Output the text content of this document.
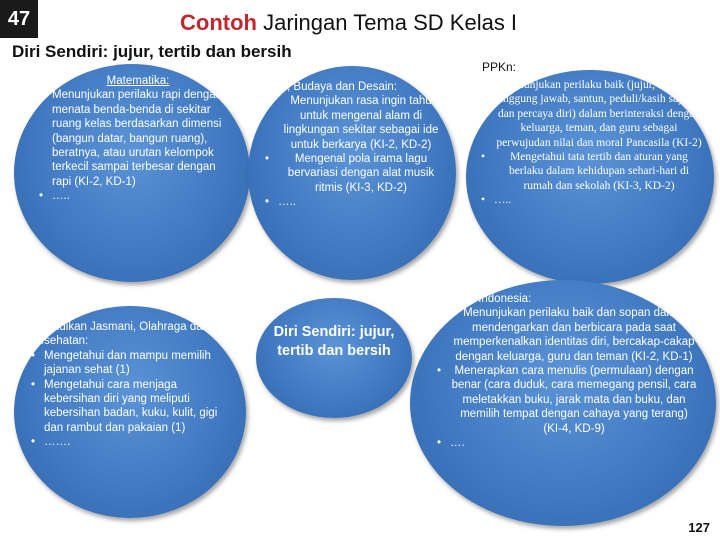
47	Contoh Jaringan Tema SD Kelas I
Diri Sendiri: jujur, tertib dan bersih
PPKn:
Matematika:
• Menunjukan perilaku rapi dengan menata benda-benda di sekitar ruang kelas berdasarkan dimensi (bangun datar, bangun ruang), beratnya, atau urutan kelompok terkecil sampai terbesar dengan rapi (KI-2, KD-1)
• …..
Seni, Budaya dan Desain:
• Menunjukan rasa ingin tahu untuk mengenal alam di lingkungan sekitar sebagai ide untuk berkarya (KI-2, KD-2)
• Mengenal pola irama lagu bervariasi dengan alat musik ritmis (KI-3, KD-2)
• …..
• Menunjukan perilaku baik (jujur, disiplin, tanggung jawab, santun, peduli/kasih sayang, dan percaya diri) dalam berinteraksi dengan keluarga, teman, dan guru sebagai perwujudan nilai dan moral Pancasila (KI-2)
• Mengetahui tata tertib dan aturan yang berlaku dalam kehidupan sehari-hari di rumah dan sekolah (KI-3, KD-2)
• …..
Pendidikan Jasmani, Olahraga dan Kesehatan:
• Mengetahui dan mampu memilih jajanan sehat (1)
• Mengetahui cara menjaga kebersihan diri yang meliputi kebersihan badan, kuku, kulit, gigi dan rambut dan pakaian (1)
• …….
Diri Sendiri: jujur, tertib dan bersih
Bahasa Indonesia:
• Menunjukan perilaku baik dan sopan dalam mendengarkan dan berbicara pada saat memperkenalkan identitas diri, bercakap-cakap dengan keluarga, guru dan teman (KI-2, KD-1)
• Menerapkan cara menulis (permulaan) dengan benar (cara duduk, cara memegang pensil, cara meletakkan buku, jarak mata dan buku, dan memilih tempat dengan cahaya yang terang) (KI-4, KD-9)
• ….
127
